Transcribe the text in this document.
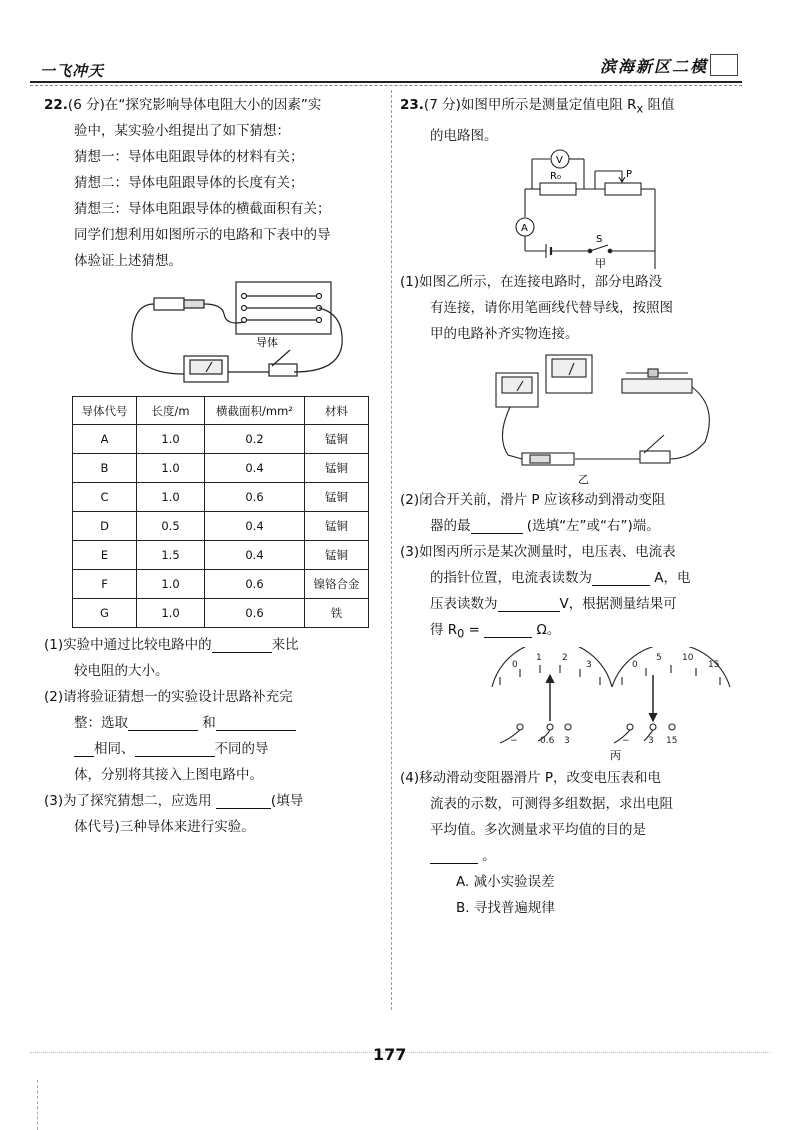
一飞冲天	滨海新区二模
22.(6 分)在“探究影响导体电阻大小的因素”实
验中，某实验小组提出了如下猜想：
猜想一：导体电阻跟导体的材料有关；
猜想二：导体电阻跟导体的长度有关；
猜想三：导体电阻跟导体的横截面积有关；
同学们想利用如图所示的电路和下表中的导
体验证上述猜想。
导体
导体代号	长度/m	横截面积/mm²	材料
A	1.0	0.2	锰铜
B	1.0	0.4	锰铜
C	1.0	0.6	锰铜
D	0.5	0.4	锰铜
E	1.5	0.4	锰铜
F	1.0	0.6	镍铬合金
G	1.0	0.6	铁
(1)实验中通过比较电路中的	来比
较电阻的大小。
(2)请将验证猜想一的实验设计思路补充完
整：选取	和
相同、	不同的导
体，分别将其接入上图电路中。
(3)为了探究猜想二，应选用	(填导
体代号)三种导体来进行实验。
23.(7 分)如图甲所示是测量定值电阻 $R_x$ 阻值
的电路图。
V
A
R₀	P
S
甲
(1)如图乙所示，在连接电路时，部分电路没
有连接，请你用笔画线代替导线，按照图
甲的电路补齐实物连接。
乙
(2)闭合开关前，滑片 P 应该移动到滑动变阻
器的最	(选填“左”或“右”)端。
(3)如图丙所示是某次测量时，电压表、电流表
的指针位置，电流表读数为	A，电
压表读数为	V，根据测量结果可
得 $R_0$ =	Ω。
0
1 2
3	0
5 10
15
− 0.6 3	− 3 15
丙
(4)移动滑动变阻器滑片 P，改变电压表和电
流表的示数，可测得多组数据，求出电阻
平均值。多次测量求平均值的目的是
。
A. 减小实验误差
B. 寻找普遍规律
177
